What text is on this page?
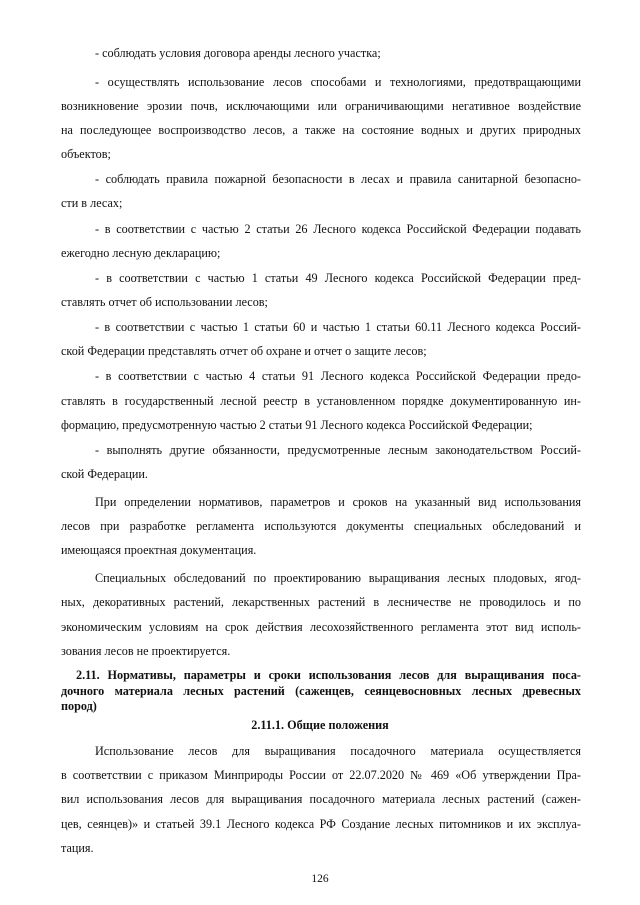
- соблюдать условия договора аренды лесного участка;
- осуществлять использование лесов способами и технологиями, предотвращающими
возникновение эрозии почв, исключающими или ограничивающими негативное воздействие
на последующее воспроизводство лесов, а также на состояние водных и других природных
объектов;
- соблюдать правила пожарной безопасности в лесах и правила санитарной безопасно-
сти в лесах;
- в соответствии с частью 2 статьи 26 Лесного кодекса Российской Федерации подавать
ежегодно лесную декларацию;
- в соответствии с частью 1 статьи 49 Лесного кодекса Российской Федерации пред-
ставлять отчет об использовании лесов;
- в соответствии с частью 1 статьи 60 и частью 1 статьи 60.11 Лесного кодекса Россий-
ской Федерации представлять отчет об охране и отчет о защите лесов;
- в соответствии с частью 4 статьи 91 Лесного кодекса Российской Федерации предо-
ставлять в государственный лесной реестр в установленном порядке документированную ин-
формацию, предусмотренную частью 2 статьи 91 Лесного кодекса Российской Федерации;
- выполнять другие обязанности, предусмотренные лесным законодательством Россий-
ской Федерации.
При определении нормативов, параметров и сроков на указанный вид использования
лесов при разработке регламента используются документы специальных обследований и
имеющаяся проектная документация.
Специальных обследований по проектированию выращивания лесных плодовых, ягод-
ных, декоративных растений, лекарственных растений в лесничестве не проводилось и по
экономическим условиям на срок действия лесохозяйственного регламента этот вид исполь-
зования лесов не проектируется.
2.11. Нормативы, параметры и сроки использования лесов для выращивания поса-
дочного материала лесных растений (саженцев, сеянцевосновных лесных древесных
пород)
2.11.1. Общие положения
Использование лесов для выращивания посадочного материала осуществляется
в соответствии с приказом Минприроды России от 22.07.2020 № 469 «Об утверждении Пра-
вил использования лесов для выращивания посадочного материала лесных растений (сажен-
цев, сеянцев)» и статьей 39.1 Лесного кодекса РФ Создание лесных питомников и их эксплуа-
тация.
126
